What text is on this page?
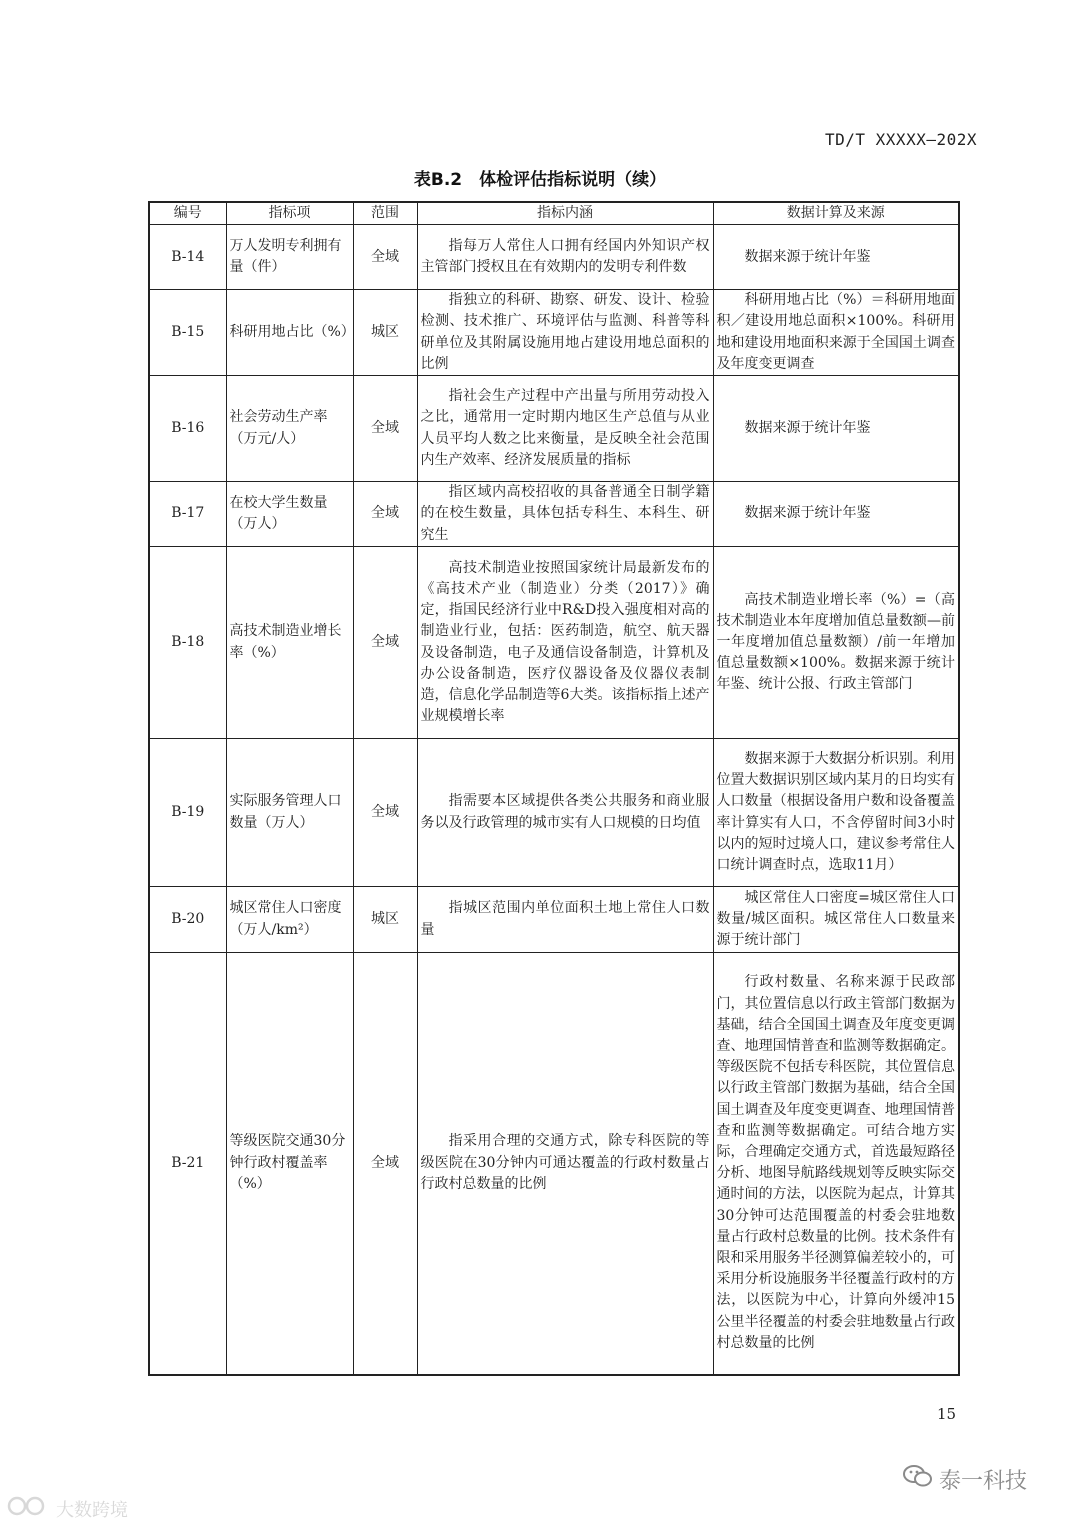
TD/T XXXXX—202X
表B.2　体检评估指标说明（续）
编号	指标项	范围	指标内涵	数据计算及来源
B-14	万人发明专利拥有量（件）	全域	指每万人常住人口拥有经国内外知识产权主管部门授权且在有效期内的发明专利件数	数据来源于统计年鉴

B-15	科研用地占比（%）	城区	指独立的科研、勘察、研发、设计、检验检测、技术推广、环境评估与监测、科普等科研单位及其附属设施用地占建设用地总面积的比例	科研用地占比（%）＝科研用地面积／建设用地总面积×100%。科研用地和建设用地面积来源于全国国土调查及年度变更调查

B-16	社会劳动生产率（万元/人）	全域	指社会生产过程中产出量与所用劳动投入之比，通常用一定时期内地区生产总值与从业人员平均人数之比来衡量，是反映全社会范围内生产效率、经济发展质量的指标	数据来源于统计年鉴

B-17	在校大学生数量（万人）	全域	指区域内高校招收的具备普通全日制学籍的在校生数量，具体包括专科生、本科生、研究生	数据来源于统计年鉴

B-18	高技术制造业增长率（%）	全域	高技术制造业按照国家统计局最新发布的《高技术产业（制造业）分类（2017）》确定，指国民经济行业中R&D投入强度相对高的制造业行业，包括：医药制造，航空、航天器及设备制造，电子及通信设备制造，计算机及办公设备制造，医疗仪器设备及仪器仪表制造，信息化学品制造等6大类。该指标指上述产业规模增长率	高技术制造业增长率（%）=（高技术制造业本年度增加值总量数额—前一年度增加值总量数额）/前一年增加值总量数额×100%。数据来源于统计年鉴、统计公报、行政主管部门

B-19	实际服务管理人口数量（万人）	全域	指需要本区域提供各类公共服务和商业服务以及行政管理的城市实有人口规模的日均值	数据来源于大数据分析识别。利用位置大数据识别区域内某月的日均实有人口数量（根据设备用户数和设备覆盖率计算实有人口，不含停留时间3小时以内的短时过境人口，建议参考常住人口统计调查时点，选取11月）

B-20	城区常住人口密度（万人/km²）	城区	指城区范围内单位面积土地上常住人口数量	城区常住人口密度=城区常住人口数量/城区面积。城区常住人口数量来源于统计部门

B-21	等级医院交通30分钟行政村覆盖率（%）	全域	指采用合理的交通方式，除专科医院的等级医院在30分钟内可通达覆盖的行政村数量占行政村总数量的比例	行政村数量、名称来源于民政部门，其位置信息以行政主管部门数据为基础，结合全国国土调查及年度变更调查、地理国情普查和监测等数据确定。等级医院不包括专科医院，其位置信息以行政主管部门数据为基础，结合全国国土调查及年度变更调查、地理国情普查和监测等数据确定。可结合地方实际，合理确定交通方式，首选最短路径分析、地图导航路线规划等反映实际交通时间的方法，以医院为起点，计算其30分钟可达范围覆盖的村委会驻地数量占行政村总数量的比例。技术条件有限和采用服务半径测算偏差较小的，可采用分析设施服务半径覆盖行政村的方法，以医院为中心，计算向外缓冲15公里半径覆盖的村委会驻地数量占行政村总数量的比例
15
大数跨境
泰一科技
